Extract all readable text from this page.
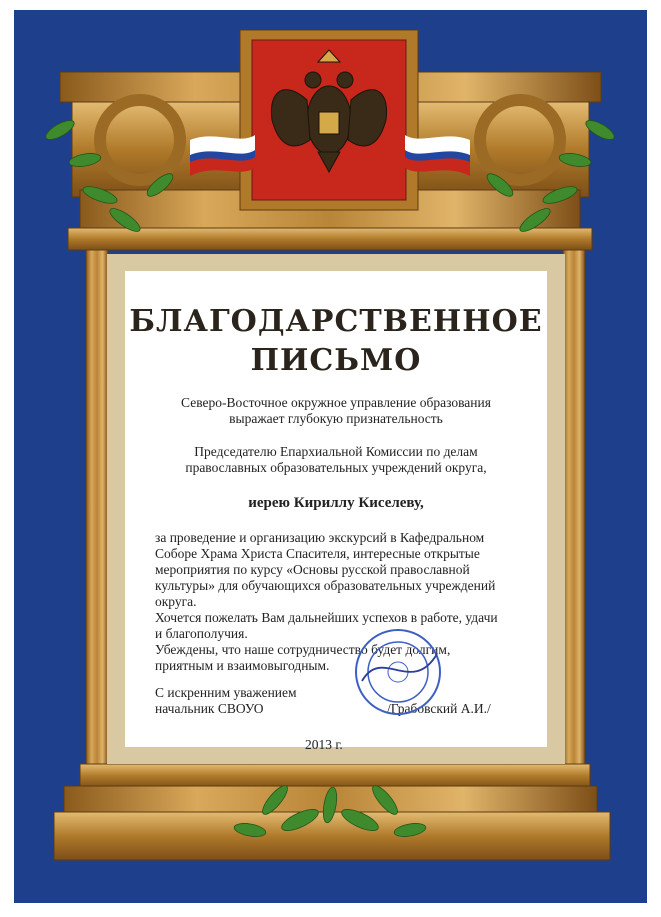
БЛАГОДАРСТВЕННОЕ
ПИСЬМО
Северо-Восточное окружное управление образования
выражает глубокую признательность
Председателю Епархиальной Комиссии по делам
православных образовательных учреждений округа,
иерею Кириллу Киселеву,
за проведение и организацию экскурсий в Кафедральном
Соборе Храма Христа Спасителя, интересные открытые
мероприятия по курсу «Основы русской православной
культуры» для обучающихся образовательных учреждений
округа.
Хочется пожелать Вам дальнейших успехов в работе, удачи
и благополучия.
Убеждены, что наше сотрудничество будет долгим,
приятным и взаимовыгодным.
С искренним уважением
начальник СВОУО	/Грабовский А.И./
2013 г.
